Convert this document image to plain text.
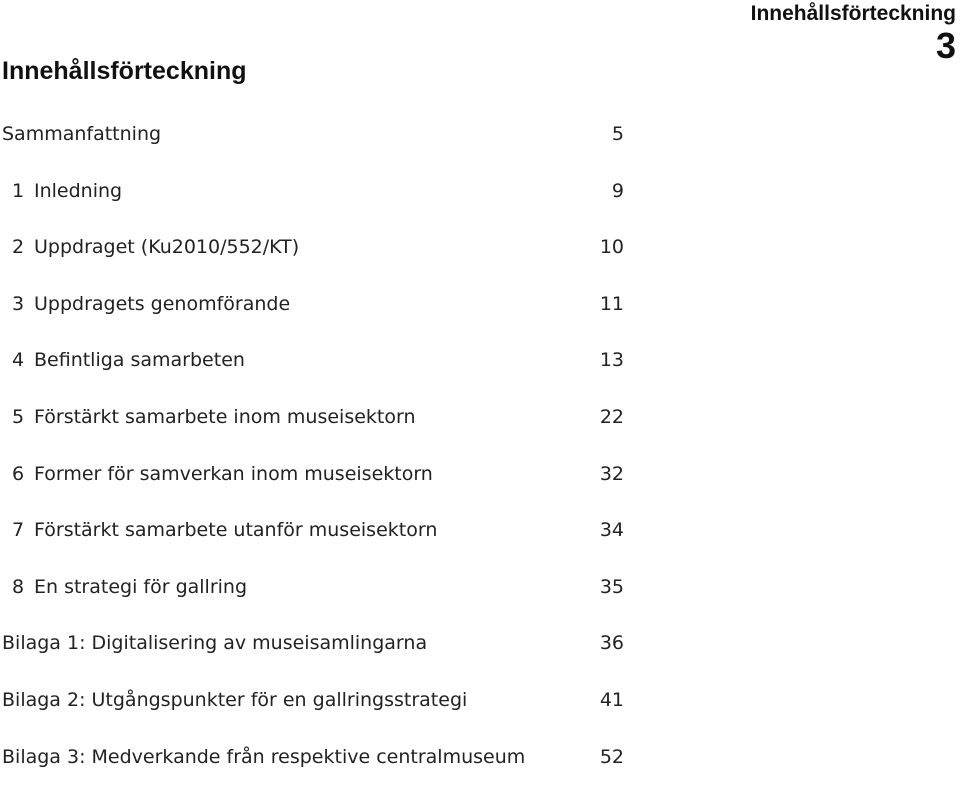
Innehållsförteckning
3
Innehållsförteckning
Sammanfattning	5
1 Inledning	9
2 Uppdraget (Ku2010/552/KT)	10
3 Uppdragets genomförande	11
4 Befintliga samarbeten	13
5 Förstärkt samarbete inom museisektorn	22
6 Former för samverkan inom museisektorn	32
7 Förstärkt samarbete utanför museisektorn	34
8 En strategi för gallring	35
Bilaga 1: Digitalisering av museisamlingarna	36
Bilaga 2: Utgångspunkter för en gallringsstrategi	41
Bilaga 3: Medverkande från respektive centralmuseum	52
